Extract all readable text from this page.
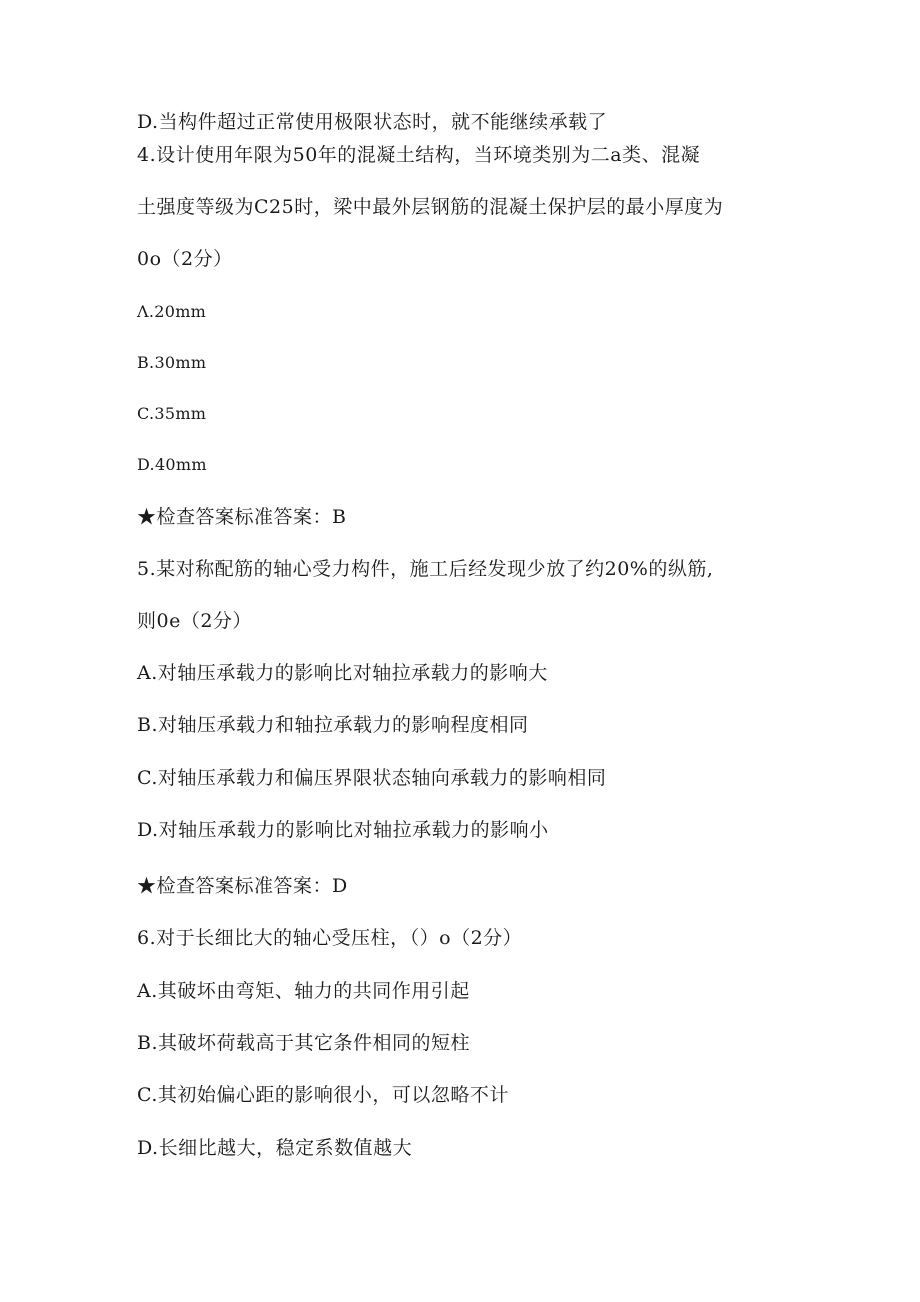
D.当构件超过正常使用极限状态时，就不能继续承载了
4.设计使用年限为50年的混凝土结构，当环境类别为二a类、混凝
土强度等级为C25时，梁中最外层钢筋的混凝土保护层的最小厚度为
0o（2分）
Λ.20mm
B.30mm
C.35mm
D.40mm
★检查答案标准答案：B
5.某对称配筋的轴心受力构件，施工后经发现少放了约20%的纵筋,
则0e（2分）
A.对轴压承载力的影响比对轴拉承载力的影响大
B.对轴压承载力和轴拉承载力的影响程度相同
C.对轴压承载力和偏压界限状态轴向承载力的影响相同
D.对轴压承载力的影响比对轴拉承载力的影响小
★检查答案标准答案：D
6.对于长细比大的轴心受压柱，（）o（2分）
A.其破坏由弯矩、轴力的共同作用引起
B.其破坏荷载高于其它条件相同的短柱
C.其初始偏心距的影响很小，可以忽略不计
D.长细比越大，稳定系数值越大
